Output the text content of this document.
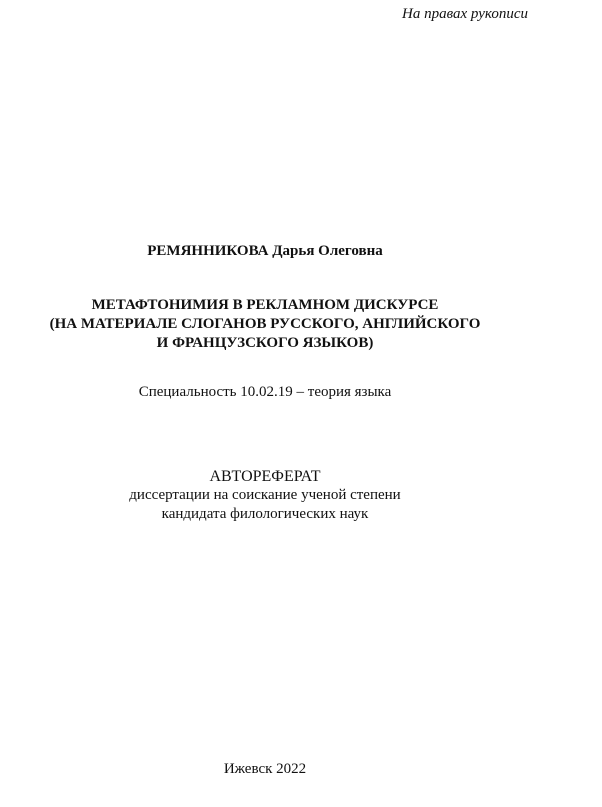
На правах рукописи
РЕМЯННИКОВА Дарья Олеговна
МЕТАФТОНИМИЯ В РЕКЛАМНОМ ДИСКУРСЕ
(НА МАТЕРИАЛЕ СЛОГАНОВ РУССКОГО, АНГЛИЙСКОГО
И ФРАНЦУЗСКОГО ЯЗЫКОВ)
Специальность 10.02.19 – теория языка
АВТОРЕФЕРАТ
диссертации на соискание ученой степени
кандидата филологических наук
Ижевск 2022
